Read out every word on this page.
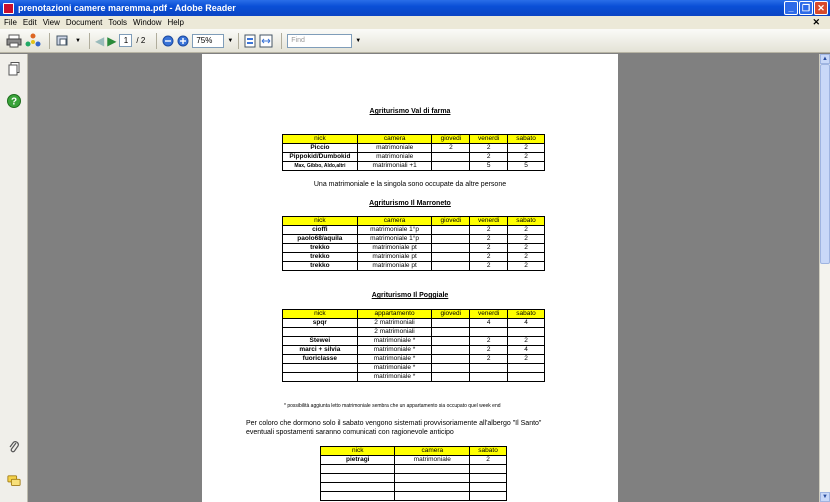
prenotazioni camere maremma.pdf - Adobe Reader	_ ❐ ✕
File Edit View Document Tools Window Help	✕
▼ ◀ ▶ 1	/ 2	75% ▼	Find	▼
?
Agriturismo Val di farma
nick	camera	giovedi	venerdi	sabato
Piccio	matrimoniale	2	2	2
Pippokid/Dumbokid	matrimoniale		2	2
Max, Gibbo, Aldo,altri	matrimoniali +1		5	5
Una matrimoniale e la singola sono occupate da altre persone
Agriturismo Il Marroneto
nick	camera	giovedi	venerdi	sabato
cioffi	matrimoniale 1°p		2	2
paolo68/aquila	matrimoniale 1°p		2	2
trekko	matrimoniale pt		2	2
trekko	matrimoniale pt		2	2
trekko	matrimoniale pt		2	2
Agriturismo Il Poggiale
nick	appartamento	giovedi	venerdi	sabato
spqr	2 matrimoniali		4	4
	2 matrimoniali			
Stewei	matrimoniale *		2	2
marci + silvia	matrimoniale *		2	4
fuoriclasse	matrimoniale *		2	2
	matrimoniale *			
	matrimoniale *			
* possibilità aggiunta letto matrimoniale sembra che un appartamento sia occupato quel week end
Per coloro che dormono solo il sabato vengono sistemati provvisoriamente all'albergo "Il Santo"
eventuali spostamenti saranno comunicati con ragionevole anticipo
nick	camera	sabato
pietragi	matrimoniale	2

▲
▼
